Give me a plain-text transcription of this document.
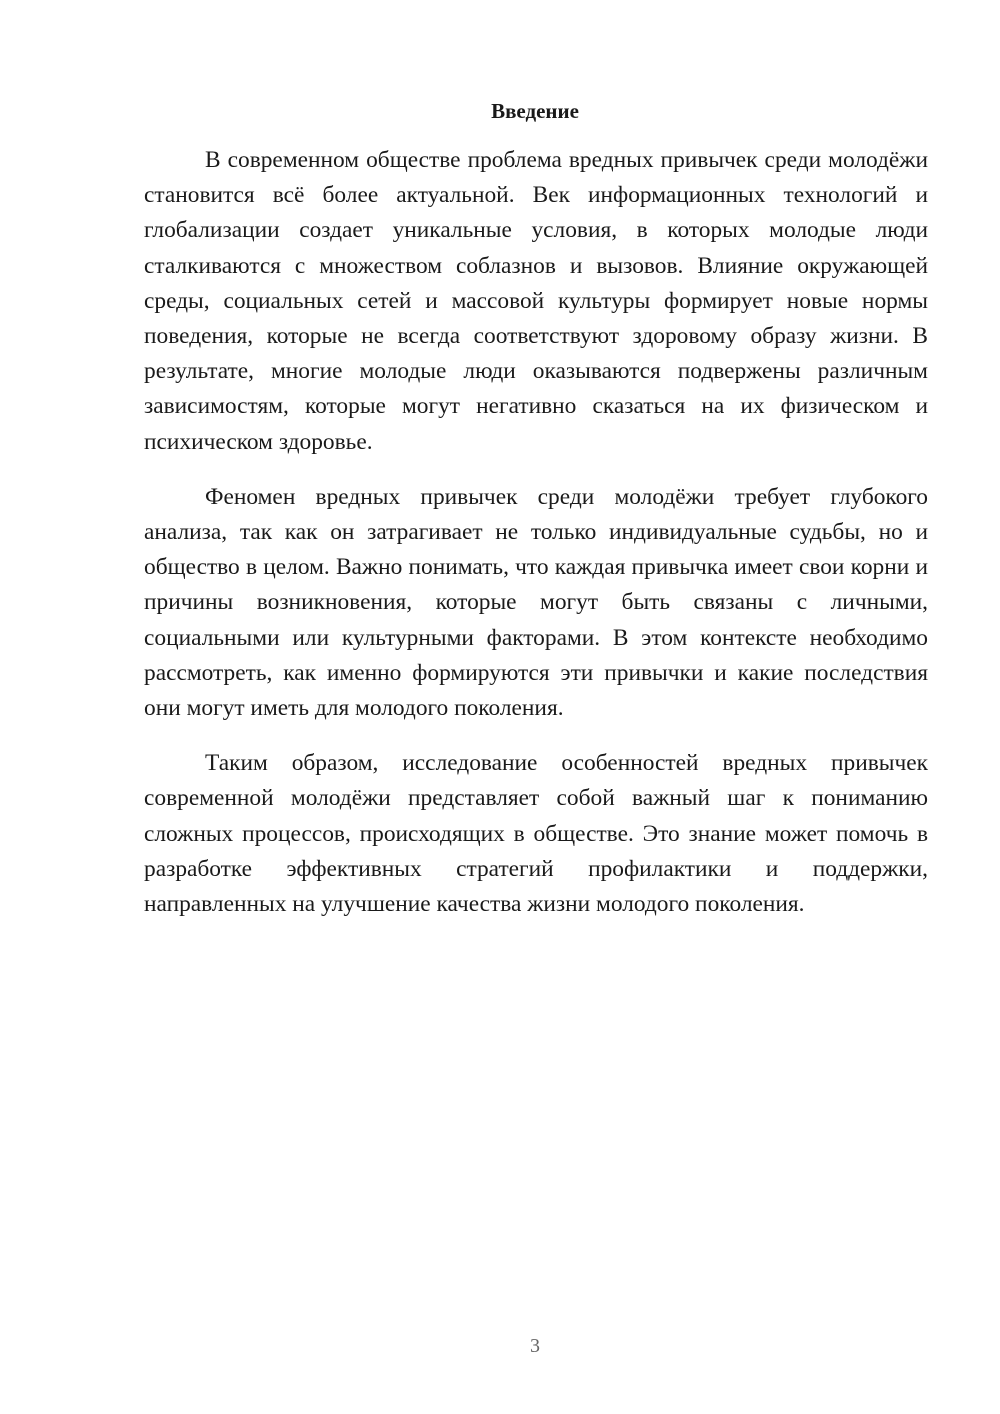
Введение

В современном обществе проблема вредных привычек среди молодёжи становится всё более актуальной. Век информационных технологий и глобализации создает уникальные условия, в которых молодые люди сталкиваются с множеством соблазнов и вызовов. Влияние окружающей среды, социальных сетей и массовой культуры формирует новые нормы поведения, которые не всегда соответствуют здоровому образу жизни. В результате, многие молодые люди оказываются подвержены различным зависимостям, которые могут негативно сказаться на их физическом и психическом здоровье.

Феномен вредных привычек среди молодёжи требует глубокого анализа, так как он затрагивает не только индивидуальные судьбы, но и общество в целом. Важно понимать, что каждая привычка имеет свои корни и причины возникновения, которые могут быть связаны с личными, социальными или культурными факторами. В этом контексте необходимо рассмотреть, как именно формируются эти привычки и какие последствия они могут иметь для молодого поколения.

Таким образом, исследование особенностей вредных привычек современной молодёжи представляет собой важный шаг к пониманию сложных процессов, происходящих в обществе. Это знание может помочь в разработке эффективных стратегий профилактики и поддержки, направленных на улучшение качества жизни молодого поколения.

3
